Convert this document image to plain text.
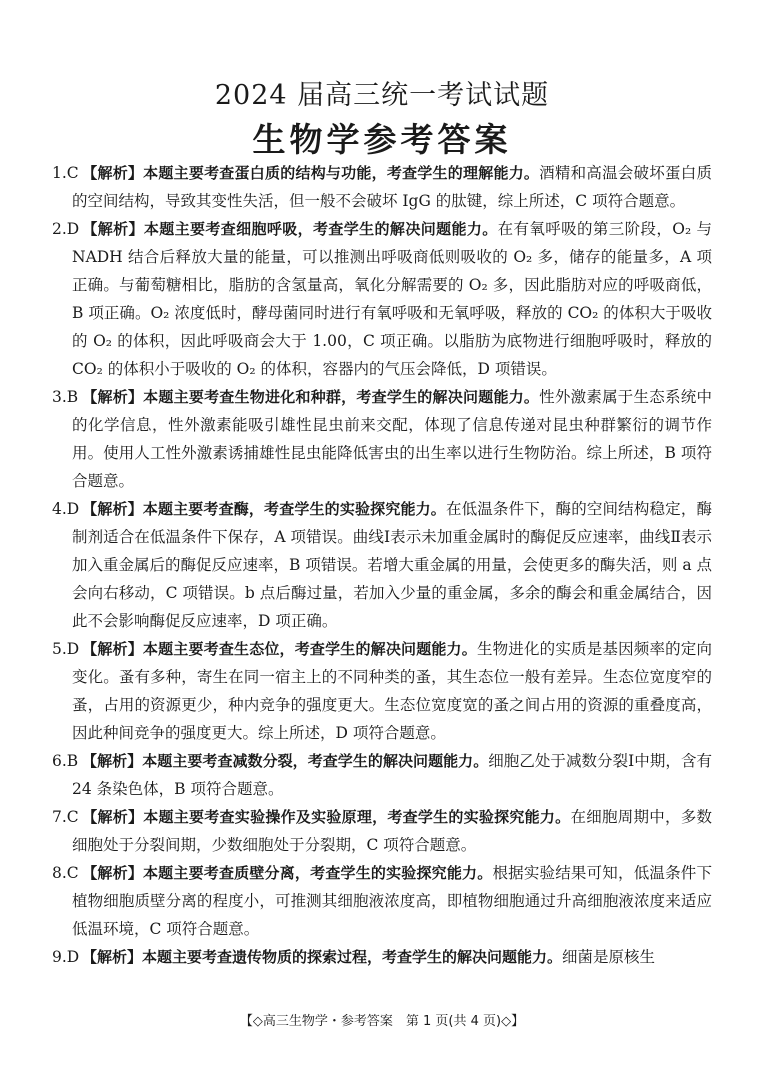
2024 届高三统一考试试题
生物学参考答案

1.C 【解析】本题主要考查蛋白质的结构与功能，考查学生的理解能力。酒精和高温会破坏蛋白质的空间结构，导致其变性失活，但一般不会破坏 IgG 的肽键，综上所述，C 项符合题意。

2.D 【解析】本题主要考查细胞呼吸，考查学生的解决问题能力。在有氧呼吸的第三阶段，O₂ 与 NADH 结合后释放大量的能量，可以推测出呼吸商低则吸收的 O₂ 多，储存的能量多，A 项正确。与葡萄糖相比，脂肪的含氢量高，氧化分解需要的 O₂ 多，因此脂肪对应的呼吸商低，B 项正确。O₂ 浓度低时，酵母菌同时进行有氧呼吸和无氧呼吸，释放的 CO₂ 的体积大于吸收的 O₂ 的体积，因此呼吸商会大于 1.00，C 项正确。以脂肪为底物进行细胞呼吸时，释放的 CO₂ 的体积小于吸收的 O₂ 的体积，容器内的气压会降低，D 项错误。

3.B 【解析】本题主要考查生物进化和种群，考查学生的解决问题能力。性外激素属于生态系统中的化学信息，性外激素能吸引雄性昆虫前来交配，体现了信息传递对昆虫种群繁衍的调节作用。使用人工性外激素诱捕雄性昆虫能降低害虫的出生率以进行生物防治。综上所述，B 项符合题意。

4.D 【解析】本题主要考查酶，考查学生的实验探究能力。在低温条件下，酶的空间结构稳定，酶制剂适合在低温条件下保存，A 项错误。曲线Ⅰ表示未加重金属时的酶促反应速率，曲线Ⅱ表示加入重金属后的酶促反应速率，B 项错误。若增大重金属的用量，会使更多的酶失活，则 a 点会向右移动，C 项错误。b 点后酶过量，若加入少量的重金属，多余的酶会和重金属结合，因此不会影响酶促反应速率，D 项正确。

5.D 【解析】本题主要考查生态位，考查学生的解决问题能力。生物进化的实质是基因频率的定向变化。蚤有多种，寄生在同一宿主上的不同种类的蚤，其生态位一般有差异。生态位宽度窄的蚤，占用的资源更少，种内竞争的强度更大。生态位宽度宽的蚤之间占用的资源的重叠度高，因此种间竞争的强度更大。综上所述，D 项符合题意。

6.B 【解析】本题主要考查减数分裂，考查学生的解决问题能力。细胞乙处于减数分裂Ⅰ中期，含有 24 条染色体，B 项符合题意。

7.C 【解析】本题主要考查实验操作及实验原理，考查学生的实验探究能力。在细胞周期中，多数细胞处于分裂间期，少数细胞处于分裂期，C 项符合题意。

8.C 【解析】本题主要考查质壁分离，考查学生的实验探究能力。根据实验结果可知，低温条件下植物细胞质壁分离的程度小，可推测其细胞液浓度高，即植物细胞通过升高细胞液浓度来适应低温环境，C 项符合题意。

9.D 【解析】本题主要考查遗传物质的探索过程，考查学生的解决问题能力。细菌是原核生

【◇高三生物学・参考答案　第 1 页(共 4 页)◇】
